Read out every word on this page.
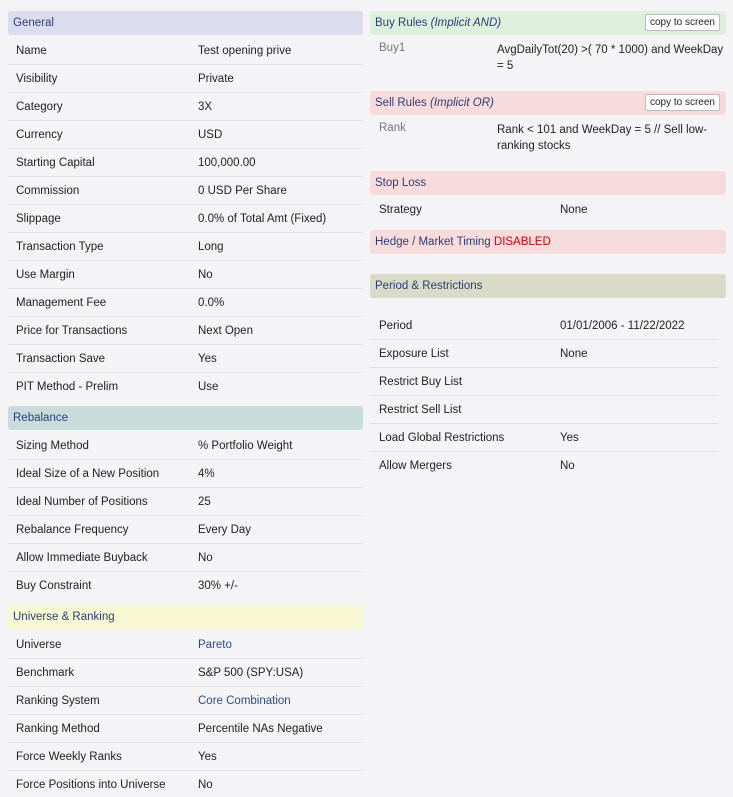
General
Name	Test opening prive
Visibility	Private
Category	3X
Currency	USD
Starting Capital	100,000.00
Commission	0 USD Per Share
Slippage	0.0% of Total Amt (Fixed)
Transaction Type	Long
Use Margin	No
Management Fee	0.0%
Price for Transactions	Next Open
Transaction Save	Yes
PIT Method - Prelim	Use
Rebalance
Sizing Method	% Portfolio Weight
Ideal Size of a New Position	4%
Ideal Number of Positions	25
Rebalance Frequency	Every Day
Allow Immediate Buyback	No
Buy Constraint	30% +/-
Universe & Ranking
Universe	Pareto
Benchmark	S&P 500 (SPY:USA)
Ranking System	Core Combination
Ranking Method	Percentile NAs Negative
Force Weekly Ranks	Yes
Force Positions into Universe	No
Buy Rules (Implicit AND)	copy to screen
Buy1	AvgDailyTot(20) >( 70 * 1000) and WeekDay = 5
Sell Rules (Implicit OR)	copy to screen
Rank	Rank < 101 and WeekDay = 5 // Sell low-ranking stocks
Stop Loss
Strategy	None
Hedge / Market Timing DISABLED
Period & Restrictions
Period	01/01/2006 - 11/22/2022
Exposure List	None
Restrict Buy List
Restrict Sell List
Load Global Restrictions	Yes
Allow Mergers	No
